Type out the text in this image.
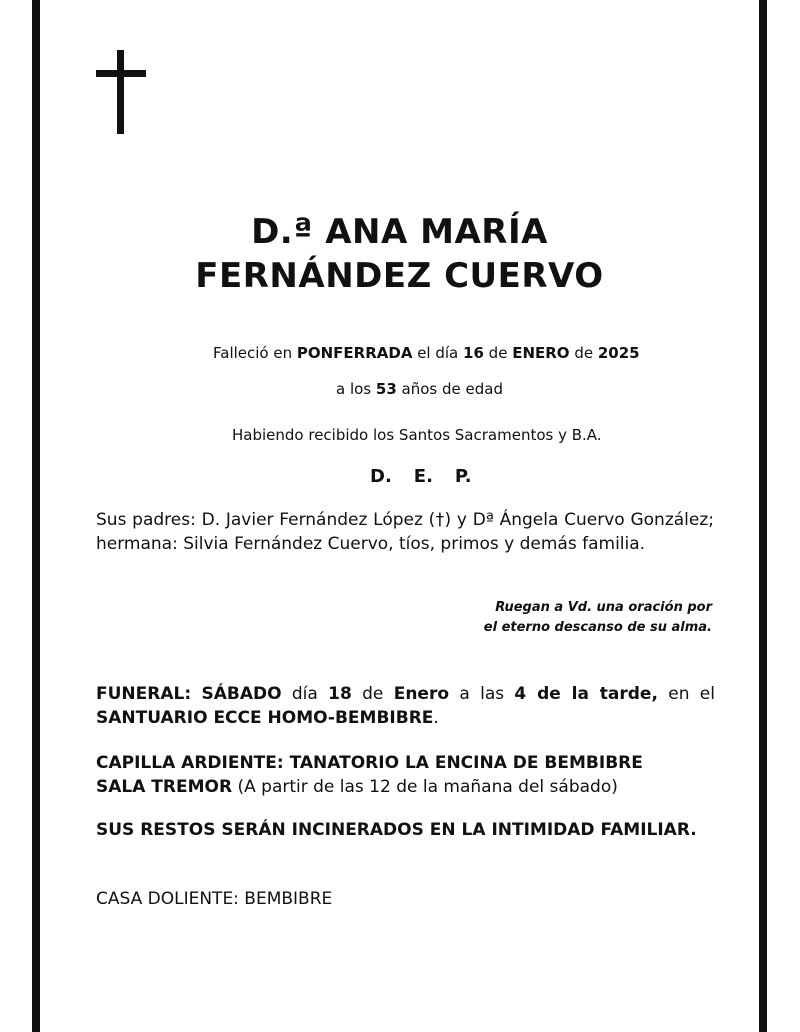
D.ª ANA MARÍA
FERNÁNDEZ CUERVO
Falleció en PONFERRADA el día 16 de ENERO de 2025
a los 53 años de edad
Habiendo recibido los Santos Sacramentos y B.A.
D. E. P.
Sus padres: D. Javier Fernández López (†) y Dª Ángela Cuervo González; hermana: Silvia Fernández Cuervo, tíos, primos y demás familia.
Ruegan a Vd. una oración por
el eterno descanso de su alma.
FUNERAL: SÁBADO día 18 de Enero a las 4 de la tarde, en el SANTUARIO ECCE HOMO-BEMBIBRE.
CAPILLA ARDIENTE: TANATORIO LA ENCINA DE BEMBIBRE
SALA TREMOR (A partir de las 12 de la mañana del sábado)
SUS RESTOS SERÁN INCINERADOS EN LA INTIMIDAD FAMILIAR.
CASA DOLIENTE: BEMBIBRE
